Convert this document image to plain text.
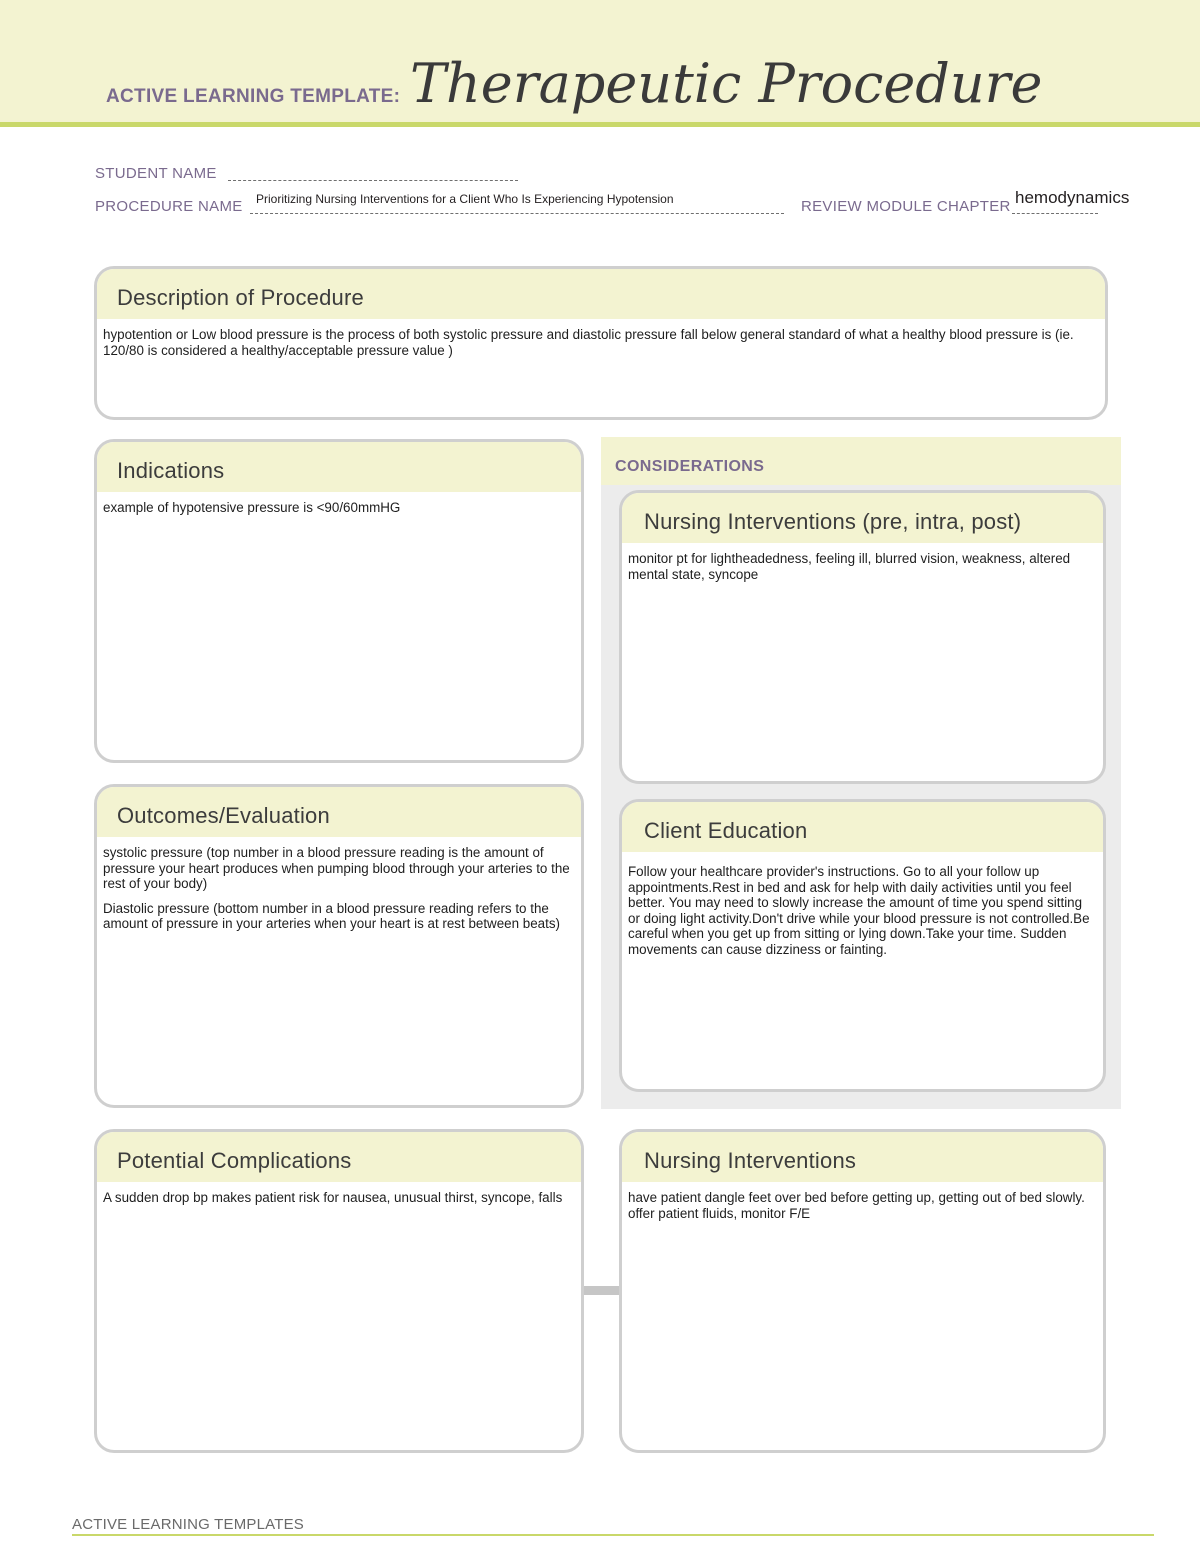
ACTIVE LEARNING TEMPLATE: Therapeutic Procedure
STUDENT NAME
PROCEDURE NAME Prioritizing Nursing Interventions for a Client Who Is Experiencing Hypotension	REVIEW MODULE CHAPTER hemodynamics
Description of Procedure
hypotention or Low blood pressure is the process of both systolic pressure and diastolic pressure fall below general standard of what a healthy blood pressure is (ie. 120/80 is considered a healthy/acceptable pressure value )
CONSIDERATIONS
Indications
example of hypotensive pressure is <90/60mmHG
Nursing Interventions (pre, intra, post)
monitor pt for lightheadedness, feeling ill, blurred vision, weakness, altered mental state, syncope
Outcomes/Evaluation

systolic pressure (top number in a blood pressure reading is the amount of pressure your heart produces when pumping blood through your arteries to the rest of your body)

Diastolic pressure (bottom number in a blood pressure reading refers to the amount of pressure in your arteries when your heart is at rest between beats)

Client Education
Follow your healthcare provider's instructions. Go to all your follow up appointments.Rest in bed and ask for help with daily activities until you feel better. You may need to slowly increase the amount of time you spend sitting or doing light activity.Don't drive while your blood pressure is not controlled.Be careful when you get up from sitting or lying down.Take your time. Sudden movements can cause dizziness or fainting.
Potential Complications
A sudden drop bp makes patient risk for nausea, unusual thirst, syncope, falls
Nursing Interventions
have patient dangle feet over bed before getting up, getting out of bed slowly. offer patient fluids, monitor F/E
ACTIVE LEARNING TEMPLATES
